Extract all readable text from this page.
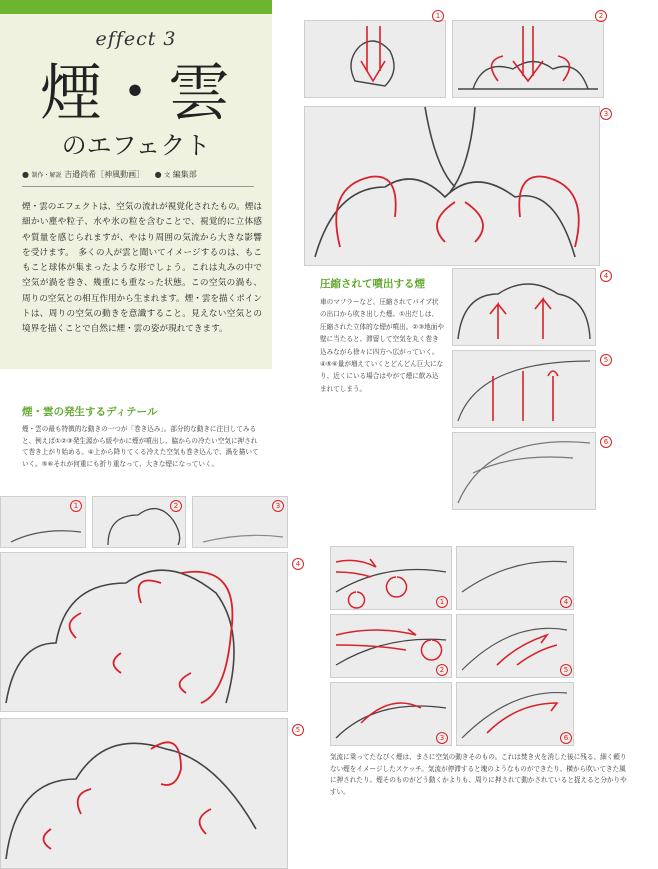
effect 3
煙・雲
のエフェクト
● 制作・解説 吉邉尚希［神風動画］ 　● 文 編集部
煙・雲のエフェクトは、空気の流れが視覚化されたもの。煙は細かい塵や粒子、水や氷の粒を含むことで、視覚的に立体感や質量を感じられますが、やはり周囲の気流から大きな影響を受けます。　多くの人が雲と聞いてイメージするのは、もこもこと球体が集まったような形でしょう。これは丸みの中で空気が渦を巻き、幾重にも重なった状態。この空気の渦も、周りの空気との相互作用から生まれます。煙・雲を描くポイントは、周りの空気の動きを意識すること。見えない空気との境界を描くことで自然に煙・雲の姿が現れてきます。
煙・雲の発生するディテール
煙・雲の最も特徴的な動きの一つが「巻き込み」。部分的な動きに注目してみると、例えば①②③発生源から緩やかに煙が噴出し、脇からの冷たい空気に押されて巻き上がり始める。④上から降りてくる冷えた空気も巻き込んで、渦を描いていく。⑤⑥それが何重にも折り重なって、大きな煙になっていく。
圧縮されて噴出する煙
車のマフラーなど、圧縮されてパイプ状の出口から吹き出した煙。①出だしは、圧縮された立体的な煙が噴出。②③地面や壁に当たると、滞留して空気を丸く巻き込みながら徐々に四方へ広がっていく。④⑤⑥量が増えていくとどんどん巨大になり、近くにいる場合はやがて煙に飲み込まれてしまう。
気流に乗ってたなびく煙は、まさに空気の動きそのもの。これは焚き火を消した後に残る、細く頼りない煙をイメージしたスケッチ。気流が停滞すると塊のようなものができたり、横から吹いてきた風に押されたり。煙そのものがどう動くかよりも、周りに押されて動かされていると捉えると分かりやすい。
1	2
3
4
5
6
1	2	3
4
5
1	4
2	5
3	6
